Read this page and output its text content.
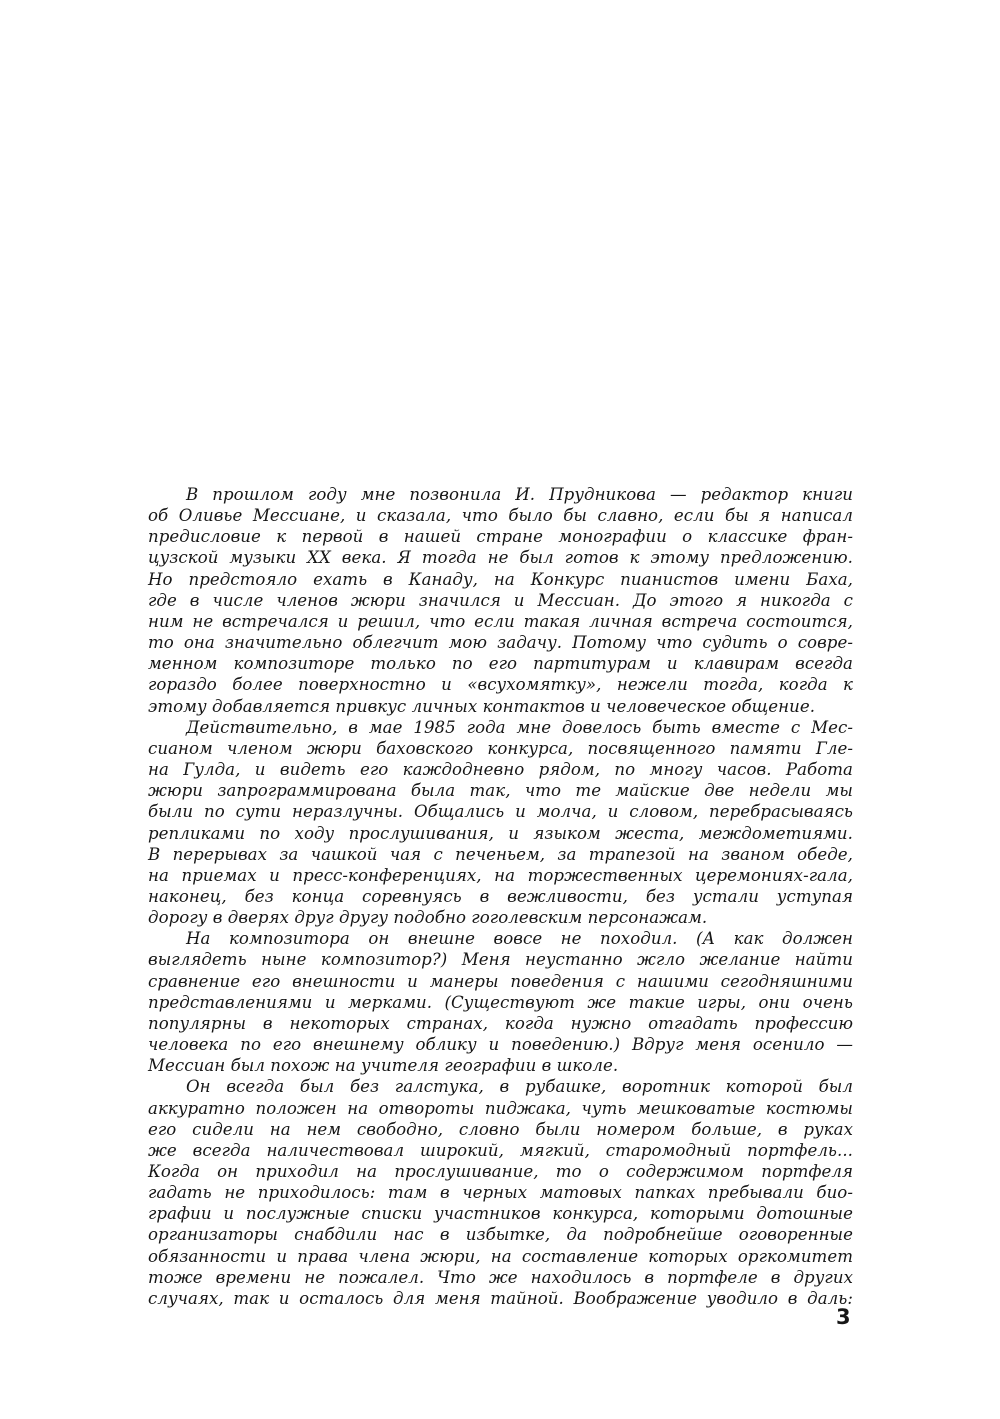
В прошлом году мне позвонила И. Прудникова — редактор книги
об Оливье Мессиане, и сказала, что было бы славно, если бы я написал
предисловие к первой в нашей стране монографии о классике фран-
цузской музыки XX века. Я тогда не был готов к этому предложению.
Но предстояло ехать в Канаду, на Конкурс пианистов имени Баха,
где в числе членов жюри значился и Мессиан. До этого я никогда с
ним не встречался и решил, что если такая личная встреча состоится,
то она значительно облегчит мою задачу. Потому что судить о совре-
менном композиторе только по его партитурам и клавирам всегда
гораздо более поверхностно и «всухомятку», нежели тогда, когда к
этому добавляется привкус личных контактов и человеческое общение.
Действительно, в мае 1985 года мне довелось быть вместе с Мес-
сианом членом жюри баховского конкурса, посвященного памяти Гле-
на Гулда, и видеть его каждодневно рядом, по многу часов. Работа
жюри запрограммирована была так, что те майские две недели мы
были по сути неразлучны. Общались и молча, и словом, перебрасываясь
репликами по ходу прослушивания, и языком жеста, междометиями.
В перерывах за чашкой чая с печеньем, за трапезой на званом обеде,
на приемах и пресс-конференциях, на торжественных церемониях-гала,
наконец, без конца соревнуясь в вежливости, без устали уступая
дорогу в дверях друг другу подобно гоголевским персонажам.
На композитора он внешне вовсе не походил. (А как должен
выглядеть ныне композитор?) Меня неустанно жгло желание найти
сравнение его внешности и манеры поведения с нашими сегодняшними
представлениями и мерками. (Существуют же такие игры, они очень
популярны в некоторых странах, когда нужно отгадать профессию
человека по его внешнему облику и поведению.) Вдруг меня осенило —
Мессиан был похож на учителя географии в школе.
Он всегда был без галстука, в рубашке, воротник которой был
аккуратно положен на отвороты пиджака, чуть мешковатые костюмы
его сидели на нем свободно, словно были номером больше, в руках
же всегда наличествовал широкий, мягкий, старомодный портфель...
Когда он приходил на прослушивание, то о содержимом портфеля
гадать не приходилось: там в черных матовых папках пребывали био-
графии и послужные списки участников конкурса, которыми дотошные
организаторы снабдили нас в избытке, да подробнейше оговоренные
обязанности и права члена жюри, на составление которых оргкомитет
тоже времени не пожалел. Что же находилось в портфеле в других
случаях, так и осталось для меня тайной. Воображение уводило в даль:
3
